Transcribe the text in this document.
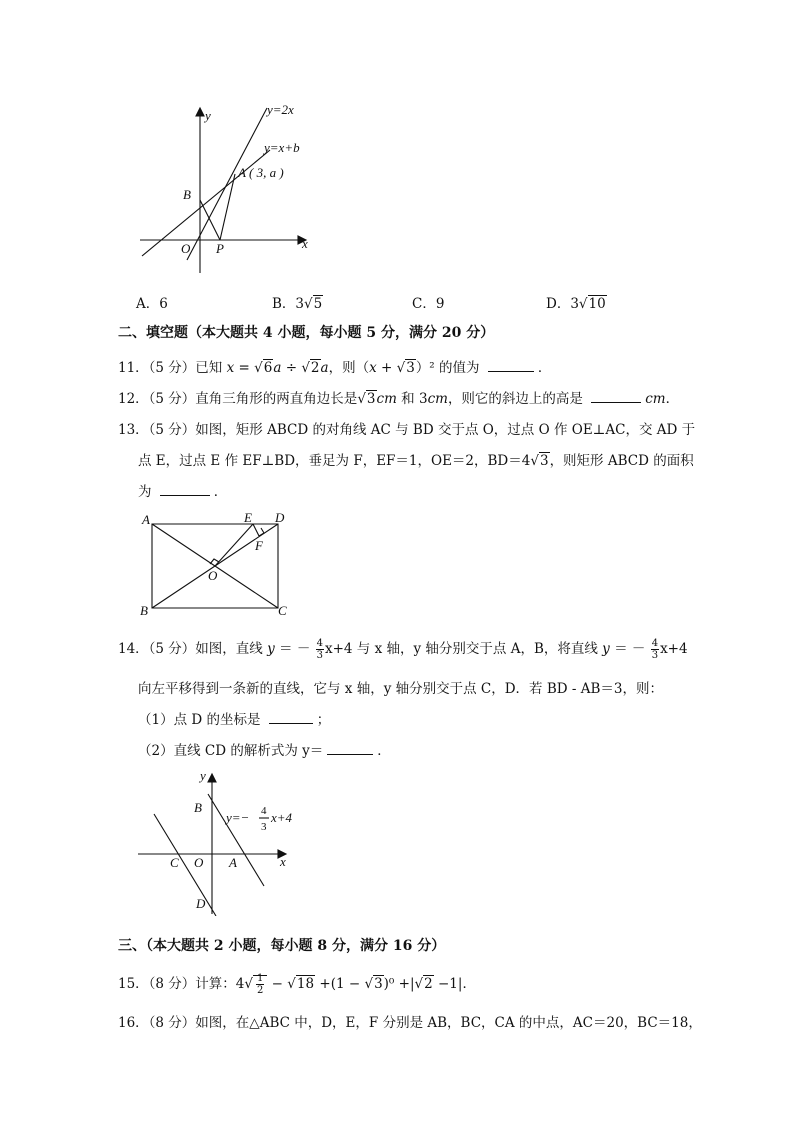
y
x
O
y=2x
y=x+b
B
P
A ( 3, a )
A．6	B．3√5	C．9	D．3√10
二、填空题（本大题共 4 小题，每小题 5 分，满分 20 分）
11．（5 分）已知 x = √6a ÷ √2a，则（x + √3）² 的值为	．
12．（5 分）直角三角形的两直角边长是√3cm 和 3cm，则它的斜边上的高是	cm．
13．（5 分）如图，矩形 ABCD 的对角线 AC 与 BD 交于点 O，过点 O 作 OE⊥AC，交 AD 于
点 E，过点 E 作 EF⊥BD，垂足为 F，EF＝1，OE＝2，BD＝4√3，则矩形 ABCD 的面积
为	．
A
B	C
D
E
F
O
14．（5 分）如图，直线 y ＝ － $\frac{4}{3} x+4$ 与 x 轴，y 轴分别交于点 A，B，将直线 y ＝ － $\frac{4}{3} x+4$
向左平移得到一条新的直线，它与 x 轴，y 轴分别交于点 C，D．若 BD - AB＝3，则：
（1）点 D 的坐标是	；
（2）直线 CD 的解析式为 y＝	．
y
x
B
C O A
D
y=− 4
3
x+4
三、（本大题共 2 小题，每小题 8 分，满分 16 分）
15．（8 分）计算：$4√ \frac{1}{2} - √18 +(1 - √3)^0 +|√2 -1|$．
16．（8 分）如图，在△ABC 中，D，E，F 分别是 AB，BC，CA 的中点，AC＝20，BC＝18，
